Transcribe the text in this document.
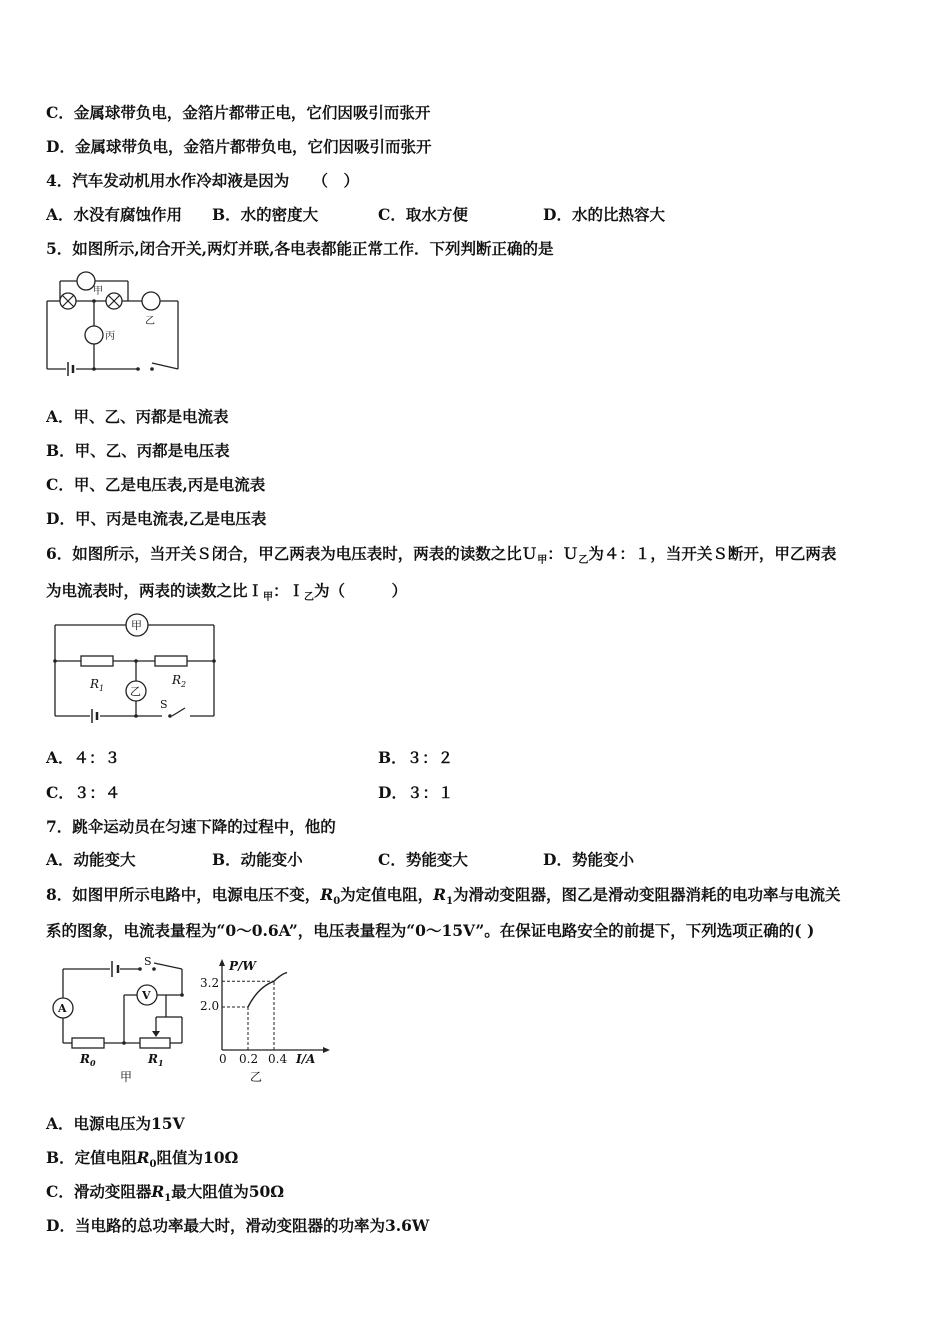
C．金属球带负电，金箔片都带正电，它们因吸引而张开
D．金属球带负电，金箔片都带负电，它们因吸引而张开
4．汽车发动机用水作冷却液是因为　　（　）
A．水没有腐蚀作用 B．水的密度大	C．取水方便	D．水的比热容大
5．如图所示,闭合开关,两灯并联,各电表都能正常工作．下列判断正确的是
甲
乙
丙
A．甲、乙、丙都是电流表
B．甲、乙、丙都是电压表
C．甲、乙是电压表,丙是电流表
D．甲、丙是电流表,乙是电压表
6．如图所示，当开关Ｓ闭合，甲乙两表为电压表时，两表的读数之比Ｕ$_甲$：Ｕ$_乙$为４：１，当开关Ｓ断开，甲乙两表
为电流表时，两表的读数之比Ｉ$_甲$：Ｉ$_乙$为（　　　）
甲
乙
$R_1$
$R_2$
S
A．４：３	B．３：２
C．３：４	D．３：１
7．跳伞运动员在匀速下降的过程中，他的
A．动能变大	B．动能变小	C．势能变大	D．势能变小
8．如图甲所示电路中，电源电压不变，$R_0$为定值电阻，$R_1$为滑动变阻器，图乙是滑动变阻器消耗的电功率与电流关
系的图象，电流表量程为“0～0.6A”，电压表量程为“0～15V”。在保证电路安全的前提下，下列选项正确的( )
S
A
V
$R_0$	$R_1$
甲
P/W
I/A
3.2
2.0
0 0.2 0.4
乙
A．电源电压为15V
B．定值电阻$R_0$阻值为10Ω
C．滑动变阻器$R_1$最大阻值为50Ω
D．当电路的总功率最大时，滑动变阻器的功率为3.6W
